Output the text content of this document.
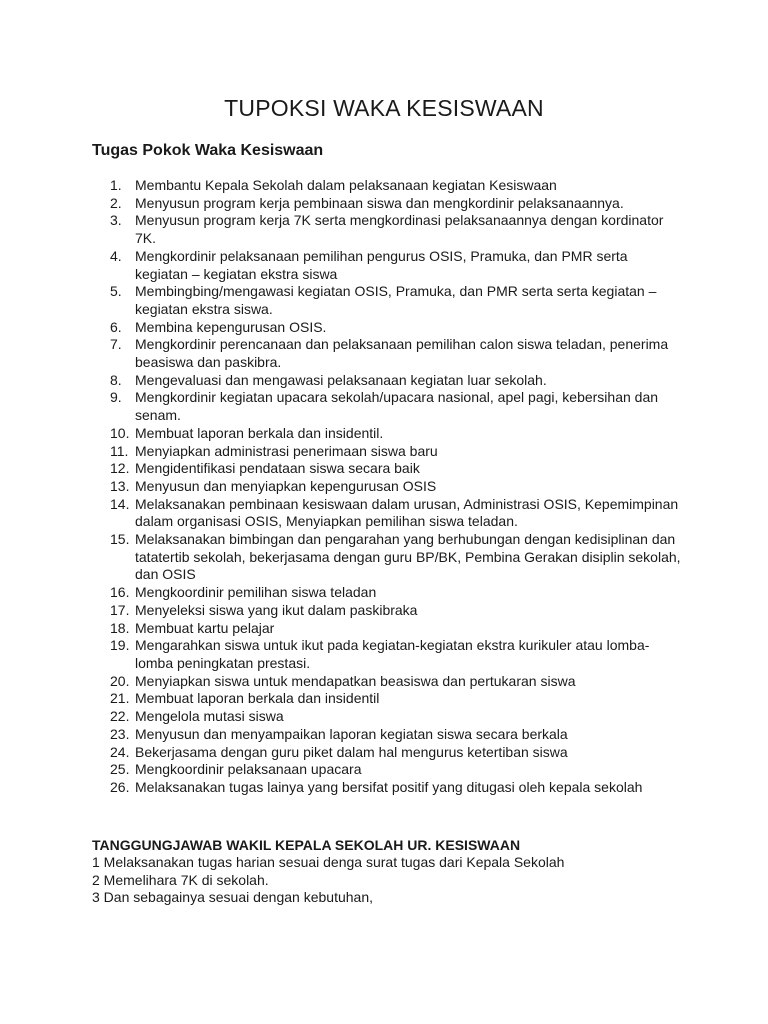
TUPOKSI WAKA KESISWAAN
Tugas Pokok Waka Kesiswaan
1. Membantu Kepala Sekolah dalam pelaksanaan kegiatan Kesiswaan
2. Menyusun program kerja pembinaan siswa dan mengkordinir pelaksanaannya.
3. Menyusun program kerja 7K serta mengkordinasi pelaksanaannya dengan kordinator 7K.
4. Mengkordinir pelaksanaan pemilihan pengurus OSIS, Pramuka, dan PMR serta kegiatan – kegiatan ekstra siswa
5. Membingbing/mengawasi kegiatan OSIS, Pramuka, dan PMR serta serta kegiatan – kegiatan ekstra siswa.
6. Membina kepengurusan OSIS.
7. Mengkordinir perencanaan dan pelaksanaan pemilihan calon siswa teladan, penerima beasiswa dan paskibra.
8. Mengevaluasi dan mengawasi pelaksanaan kegiatan luar sekolah.
9. Mengkordinir kegiatan upacara sekolah/upacara nasional, apel pagi, kebersihan dan senam.
10. Membuat laporan berkala dan insidentil.
11. Menyiapkan administrasi penerimaan siswa baru
12. Mengidentifikasi pendataan siswa secara baik
13. Menyusun dan menyiapkan kepengurusan OSIS
14. Melaksanakan pembinaan kesiswaan dalam urusan, Administrasi OSIS, Kepemimpinan dalam organisasi OSIS, Menyiapkan pemilihan siswa teladan.
15. Melaksanakan bimbingan dan pengarahan yang berhubungan dengan kedisiplinan dan tatatertib sekolah, bekerjasama dengan guru BP/BK, Pembina Gerakan disiplin sekolah, dan OSIS
16. Mengkoordinir pemilihan siswa teladan
17. Menyeleksi siswa yang ikut dalam paskibraka
18. Membuat kartu pelajar
19. Mengarahkan siswa untuk ikut pada kegiatan-kegiatan ekstra kurikuler atau lomba-lomba peningkatan prestasi.
20. Menyiapkan siswa untuk mendapatkan beasiswa dan pertukaran siswa
21. Membuat laporan berkala dan insidentil
22. Mengelola mutasi siswa
23. Menyusun dan menyampaikan laporan kegiatan siswa secara berkala
24. Bekerjasama dengan guru piket dalam hal mengurus ketertiban siswa
25. Mengkoordinir pelaksanaan upacara
26. Melaksanakan tugas lainya yang bersifat positif yang ditugasi oleh kepala sekolah
TANGGUNGJAWAB WAKIL KEPALA SEKOLAH UR. KESISWAAN
1 Melaksanakan tugas harian sesuai denga surat tugas dari Kepala Sekolah
2 Memelihara 7K di sekolah.
3 Dan sebagainya sesuai dengan kebutuhan,
